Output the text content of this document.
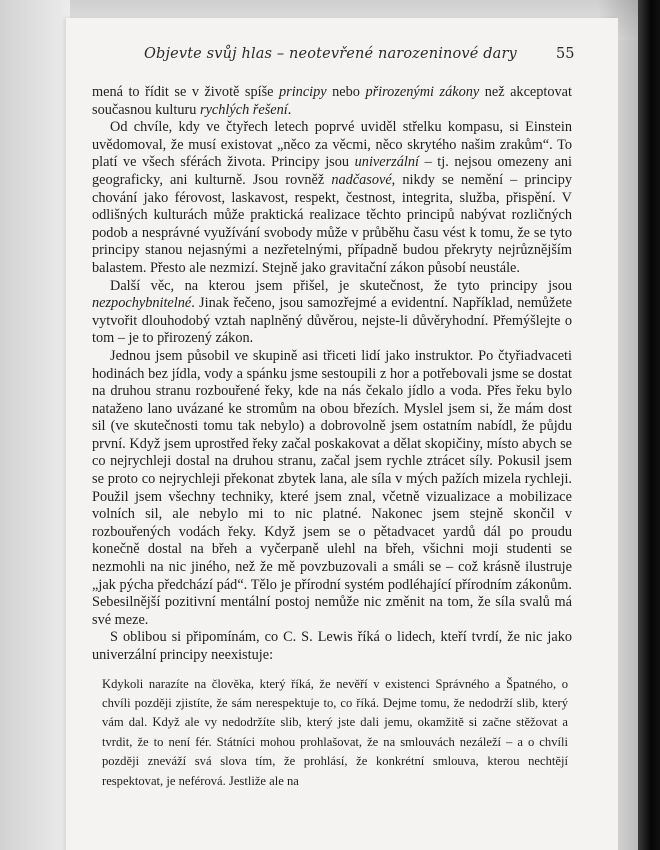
Objevte svůj hlas – neotevřené narozeninové dary	55

mená to řídit se v životě spíše principy nebo přirozenými zákony než akceptovat současnou kulturu rychlých řešení.

Od chvíle, kdy ve čtyřech letech poprvé uviděl střelku kompasu, si Einstein uvědomoval, že musí existovat „něco za věcmi, něco skrytého našim zrakům“. To platí ve všech sférách života. Principy jsou univerzální – tj. nejsou omezeny ani geograficky, ani kulturně. Jsou rovněž nadčasové, nikdy se nemění – principy chování jako férovost, laskavost, respekt, čestnost, integrita, služba, přispění. V odlišných kulturách může praktická realizace těchto principů nabývat rozličných podob a nesprávné využívání svobody může v průběhu času vést k tomu, že se tyto principy stanou nejasnými a nezřetelnými, případně budou překryty nejrůznějším balastem. Přesto ale nezmizí. Stejně jako gravitační zákon působí neustále.

Další věc, na kterou jsem přišel, je skutečnost, že tyto principy jsou nezpochybnitelné. Jinak řečeno, jsou samozřejmé a evidentní. Například, nemůžete vytvořit dlouhodobý vztah naplněný důvěrou, nejste-li důvěryhodní. Přemýšlejte o tom – je to přirozený zákon.

Jednou jsem působil ve skupině asi třiceti lidí jako instruktor. Po čtyřiadvaceti hodinách bez jídla, vody a spánku jsme sestoupili z hor a potřebovali jsme se dostat na druhou stranu rozbouřené řeky, kde na nás čekalo jídlo a voda. Přes řeku bylo nataženo lano uvázané ke stromům na obou březích. Myslel jsem si, že mám dost sil (ve skutečnosti tomu tak nebylo) a dobrovolně jsem ostatním nabídl, že půjdu první. Když jsem uprostřed řeky začal poskakovat a dělat skopičiny, místo abych se co nejrychleji dostal na druhou stranu, začal jsem rychle ztrácet síly. Pokusil jsem se proto co nejrychleji překonat zbytek lana, ale síla v mých pažích mizela rychleji. Použil jsem všechny techniky, které jsem znal, včetně vizualizace a mobilizace volních sil, ale nebylo mi to nic platné. Nakonec jsem stejně skončil v rozbouřených vodách řeky. Když jsem se o pětadvacet yardů dál po proudu konečně dostal na břeh a vyčerpaně ulehl na břeh, všichni moji studenti se nezmohli na nic jiného, než že mě povzbuzovali a smáli se – což krásně ilustruje „jak pýcha předchází pád“. Tělo je přírodní systém podléhající přírodním zákonům. Sebesilnější pozitivní mentální postoj nemůže nic změnit na tom, že síla svalů má své meze.

S oblibou si připomínám, co C. S. Lewis říká o lidech, kteří tvrdí, že nic jako univerzální principy neexistuje:

Kdykoli narazíte na člověka, který říká, že nevěří v existenci Správného a Špatného, o chvíli později zjistíte, že sám nerespektuje to, co říká. Dejme tomu, že nedodrží slib, který vám dal. Když ale vy nedodržíte slib, který jste dali jemu, okamžitě si začne stěžovat a tvrdit, že to není fér. Státníci mohou prohlašovat, že na smlouvách nezáleží – a o chvíli později zneváží svá slova tím, že prohlásí, že konkrétní smlouva, kterou nechtějí respektovat, je neférová. Jestliže ale na
